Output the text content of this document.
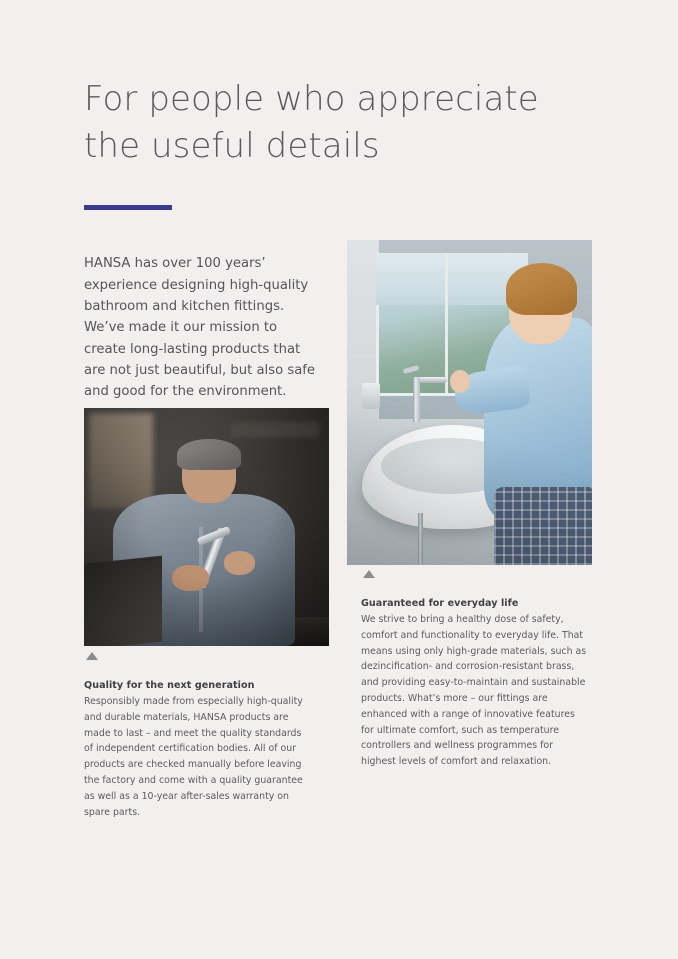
For people who appreciate
the useful details

HANSA has over 100 years’ experience designing high-quality bathroom and kitchen fittings. We’ve made it our mission to create long-lasting products that are not just beautiful, but also safe and good for the environment.

Guaranteed for everyday life

We strive to bring a healthy dose of safety, comfort and functionality to everyday life. That means using only high-grade materials, such as dezincification- and corrosion-resistant brass, and providing easy-to-maintain and sustainable products. What’s more – our fittings are enhanced with a range of innovative features for ultimate comfort, such as temperature controllers and wellness programmes for highest levels of comfort and relaxation.

Quality for the next generation

Responsibly made from especially high-quality and durable materials, HANSA products are made to last – and meet the quality standards of independent certification bodies. All of our products are checked manually before leaving the factory and come with a quality guarantee as well as a 10-year after-sales warranty on spare parts.
